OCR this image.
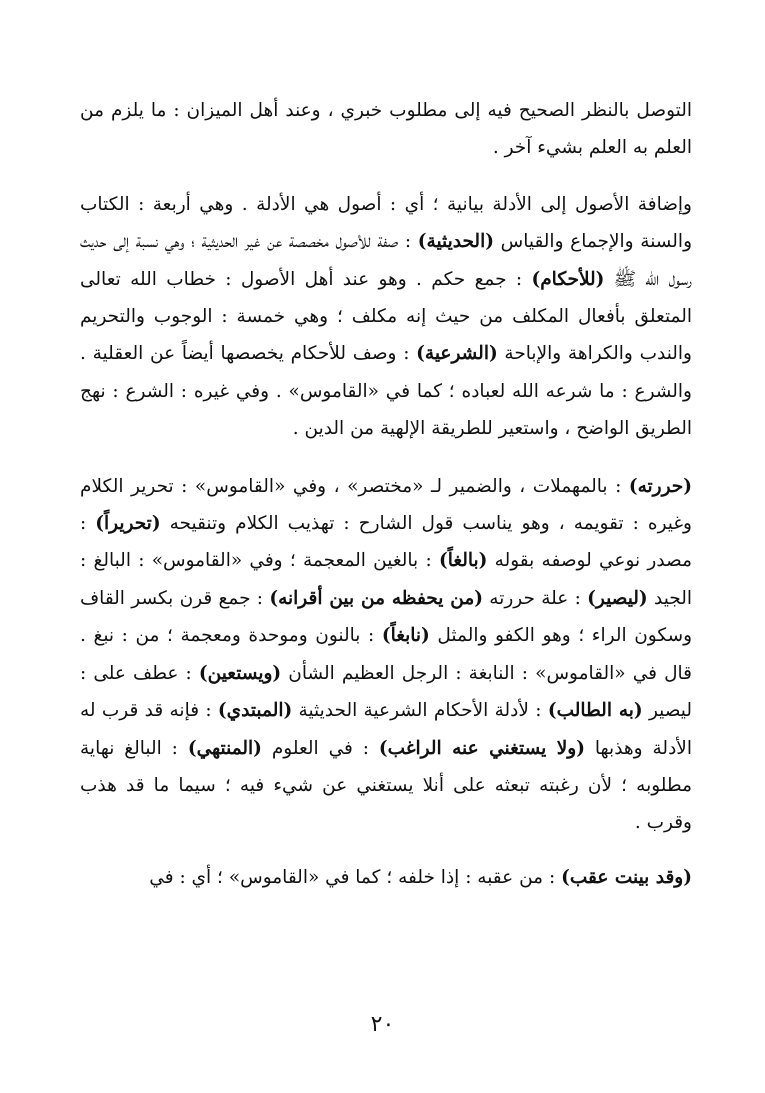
التوصل بالنظر الصحيح فيه إلى مطلوب خبري ، وعند أهل الميزان : ما يلزم من العلم به العلم بشيء آخر .

وإضافة الأصول إلى الأدلة بيانية ؛ أي : أصول هي الأدلة . وهي أربعة : الكتاب والسنة والإجماع والقياس (الحديثية) : صفة للأصول مخصصة عن غير الحديثية ؛ وهي نسبة إلى حديث رسول الله ﷺ (للأحكام) : جمع حكم . وهو عند أهل الأصول : خطاب الله تعالى المتعلق بأفعال المكلف من حيث إنه مكلف ؛ وهي خمسة : الوجوب والتحريم والندب والكراهة والإباحة (الشرعية) : وصف للأحكام يخصصها أيضاً عن العقلية . والشرع : ما شرعه الله لعباده ؛ كما في «القاموس» . وفي غيره : الشرع : نهج الطريق الواضح ، واستعير للطريقة الإلهية من الدين .

(حررته) : بالمهملات ، والضمير لـ «مختصر» ، وفي «القاموس» : تحرير الكلام وغيره : تقويمه ، وهو يناسب قول الشارح : تهذيب الكلام وتنقيحه (تحريراً) : مصدر نوعي لوصفه بقوله (بالغاً) : بالغين المعجمة ؛ وفي «القاموس» : البالغ : الجيد (ليصير) : علة حررته (من يحفظه من بين أقرانه) : جمع قرن بكسر القاف وسكون الراء ؛ وهو الكفو والمثل (نابغاً) : بالنون وموحدة ومعجمة ؛ من : نبغ . قال في «القاموس» : النابغة : الرجل العظيم الشأن (ويستعين) : عطف على : ليصير (به الطالب) : لأدلة الأحكام الشرعية الحديثية (المبتدي) : فإنه قد قرب له الأدلة وهذبها (ولا يستغني عنه الراغب) : في العلوم (المنتهي) : البالغ نهاية مطلوبه ؛ لأن رغبته تبعثه على أنلا يستغني عن شيء فيه ؛ سيما ما قد هذب وقرب .

(وقد بينت عقب) : من عقبه : إذا خلفه ؛ كما في «القاموس» ؛ أي : في

٢٠
